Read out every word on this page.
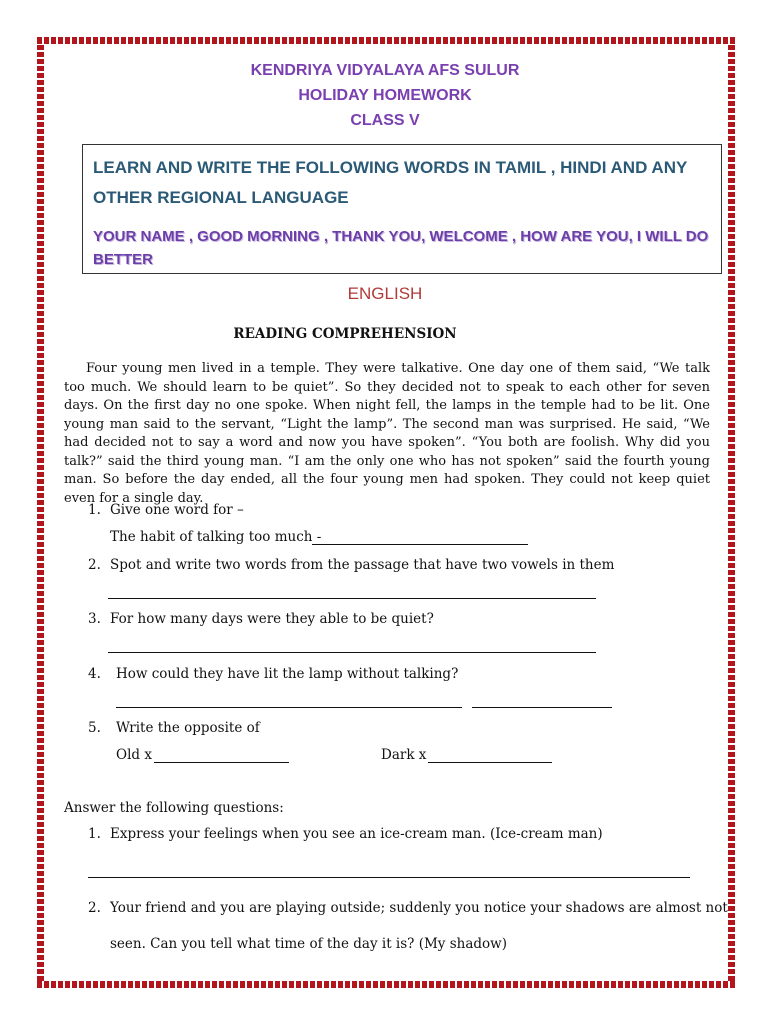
KENDRIYA VIDYALAYA AFS SULUR
HOLIDAY HOMEWORK
CLASS V
LEARN AND WRITE THE FOLLOWING WORDS IN TAMIL , HINDI AND ANY OTHER REGIONAL LANGUAGE
YOUR NAME , GOOD MORNING , THANK YOU, WELCOME , HOW ARE YOU, I WILL DO BETTER
ENGLISH
READING COMPREHENSION
Four young men lived in a temple. They were talkative. One day one of them said, “We talk too much. We should learn to be quiet”. So they decided not to speak to each other for seven days. On the first day no one spoke. When night fell, the lamps in the temple had to be lit. One young man said to the servant, “Light the lamp”. The second man was surprised. He said, “We had decided not to say a word and now you have spoken”. “You both are foolish. Why did you talk?” said the third young man. “I am the only one who has not spoken” said the fourth young man. So before the day ended, all the four young men had spoken. They could not keep quiet even for a single day.
1. Give one word for –
The habit of talking too much -
2. Spot and write two words from the passage that have two vowels in them
3. For how many days were they able to be quiet?
4. How could they have lit the lamp without talking?
5. Write the opposite of
Old x	Dark x
Answer the following questions:
1. Express your feelings when you see an ice-cream man. (Ice-cream man)
2. Your friend and you are playing outside; suddenly you notice your shadows are almost not
seen. Can you tell what time of the day it is? (My shadow)
